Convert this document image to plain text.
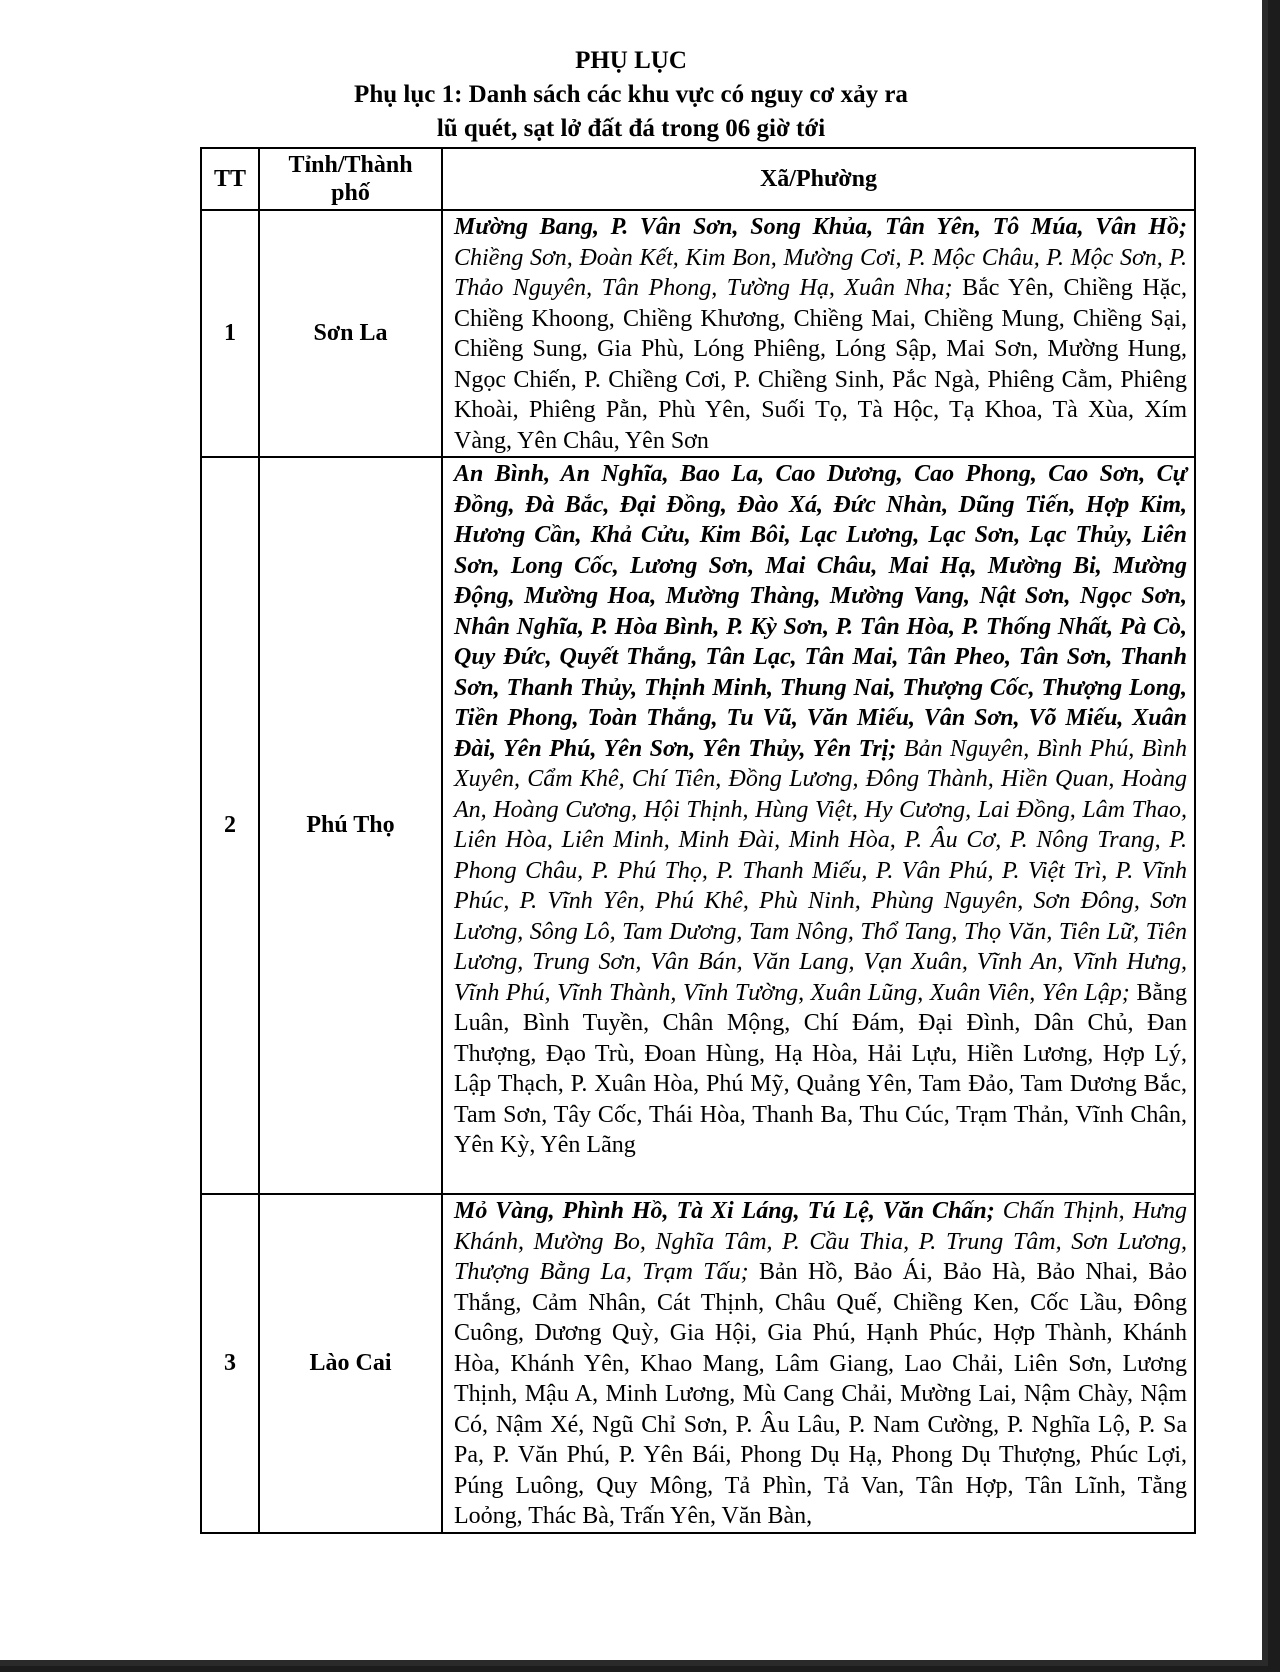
PHỤ LỤC
Phụ lục 1: Danh sách các khu vực có nguy cơ xảy ra
lũ quét, sạt lở đất đá trong 06 giờ tới
TT	Tỉnh/Thành phố	Xã/Phường
1	Sơn La	Mường Bang, P. Vân Sơn, Song Khủa, Tân Yên, Tô Múa, Vân Hồ; Chiềng Sơn, Đoàn Kết, Kim Bon, Mường Cơi, P. Mộc Châu, P. Mộc Sơn, P. Thảo Nguyên, Tân Phong, Tường Hạ, Xuân Nha; Bắc Yên, Chiềng Hặc, Chiềng Khoong, Chiềng Khương, Chiềng Mai, Chiềng Mung, Chiềng Sại, Chiềng Sung, Gia Phù, Lóng Phiêng, Lóng Sập, Mai Sơn, Mường Hung, Ngọc Chiến, P. Chiềng Cơi, P. Chiềng Sinh, Pắc Ngà, Phiêng Cằm, Phiêng Khoài, Phiêng Pằn, Phù Yên, Suối Tọ, Tà Hộc, Tạ Khoa, Tà Xùa, Xím Vàng, Yên Châu, Yên Sơn
2	Phú Thọ	An Bình, An Nghĩa, Bao La, Cao Dương, Cao Phong, Cao Sơn, Cự Đồng, Đà Bắc, Đại Đồng, Đào Xá, Đức Nhàn, Dũng Tiến, Hợp Kim, Hương Cần, Khả Cửu, Kim Bôi, Lạc Lương, Lạc Sơn, Lạc Thủy, Liên Sơn, Long Cốc, Lương Sơn, Mai Châu, Mai Hạ, Mường Bi, Mường Động, Mường Hoa, Mường Thàng, Mường Vang, Nật Sơn, Ngọc Sơn, Nhân Nghĩa, P. Hòa Bình, P. Kỳ Sơn, P. Tân Hòa, P. Thống Nhất, Pà Cò, Quy Đức, Quyết Thắng, Tân Lạc, Tân Mai, Tân Pheo, Tân Sơn, Thanh Sơn, Thanh Thủy, Thịnh Minh, Thung Nai, Thượng Cốc, Thượng Long, Tiền Phong, Toàn Thắng, Tu Vũ, Văn Miếu, Vân Sơn, Võ Miếu, Xuân Đài, Yên Phú, Yên Sơn, Yên Thủy, Yên Trị; Bản Nguyên, Bình Phú, Bình Xuyên, Cẩm Khê, Chí Tiên, Đồng Lương, Đông Thành, Hiền Quan, Hoàng An, Hoàng Cương, Hội Thịnh, Hùng Việt, Hy Cương, Lai Đồng, Lâm Thao, Liên Hòa, Liên Minh, Minh Đài, Minh Hòa, P. Âu Cơ, P. Nông Trang, P. Phong Châu, P. Phú Thọ, P. Thanh Miếu, P. Vân Phú, P. Việt Trì, P. Vĩnh Phúc, P. Vĩnh Yên, Phú Khê, Phù Ninh, Phùng Nguyên, Sơn Đông, Sơn Lương, Sông Lô, Tam Dương, Tam Nông, Thổ Tang, Thọ Văn, Tiên Lữ, Tiên Lương, Trung Sơn, Vân Bán, Văn Lang, Vạn Xuân, Vĩnh An, Vĩnh Hưng, Vĩnh Phú, Vĩnh Thành, Vĩnh Tường, Xuân Lũng, Xuân Viên, Yên Lập; Bằng Luân, Bình Tuyền, Chân Mộng, Chí Đám, Đại Đình, Dân Chủ, Đan Thượng, Đạo Trù, Đoan Hùng, Hạ Hòa, Hải Lựu, Hiền Lương, Hợp Lý, Lập Thạch, P. Xuân Hòa, Phú Mỹ, Quảng Yên, Tam Đảo, Tam Dương Bắc, Tam Sơn, Tây Cốc, Thái Hòa, Thanh Ba, Thu Cúc, Trạm Thản, Vĩnh Chân, Yên Kỳ, Yên Lãng
3	Lào Cai	Mỏ Vàng, Phình Hồ, Tà Xi Láng, Tú Lệ, Văn Chấn; Chấn Thịnh, Hưng Khánh, Mường Bo, Nghĩa Tâm, P. Cầu Thia, P. Trung Tâm, Sơn Lương, Thượng Bằng La, Trạm Tấu; Bản Hồ, Bảo Ái, Bảo Hà, Bảo Nhai, Bảo Thắng, Cảm Nhân, Cát Thịnh, Châu Quế, Chiềng Ken, Cốc Lầu, Đông Cuông, Dương Quỳ, Gia Hội, Gia Phú, Hạnh Phúc, Hợp Thành, Khánh Hòa, Khánh Yên, Khao Mang, Lâm Giang, Lao Chải, Liên Sơn, Lương Thịnh, Mậu A, Minh Lương, Mù Cang Chải, Mường Lai, Nậm Chày, Nậm Có, Nậm Xé, Ngũ Chỉ Sơn, P. Âu Lâu, P. Nam Cường, P. Nghĩa Lộ, P. Sa Pa, P. Văn Phú, P. Yên Bái, Phong Dụ Hạ, Phong Dụ Thượng, Phúc Lợi, Púng Luông, Quy Mông, Tả Phìn, Tả Van, Tân Hợp, Tân Lĩnh, Tằng Loỏng, Thác Bà, Trấn Yên, Văn Bàn,
